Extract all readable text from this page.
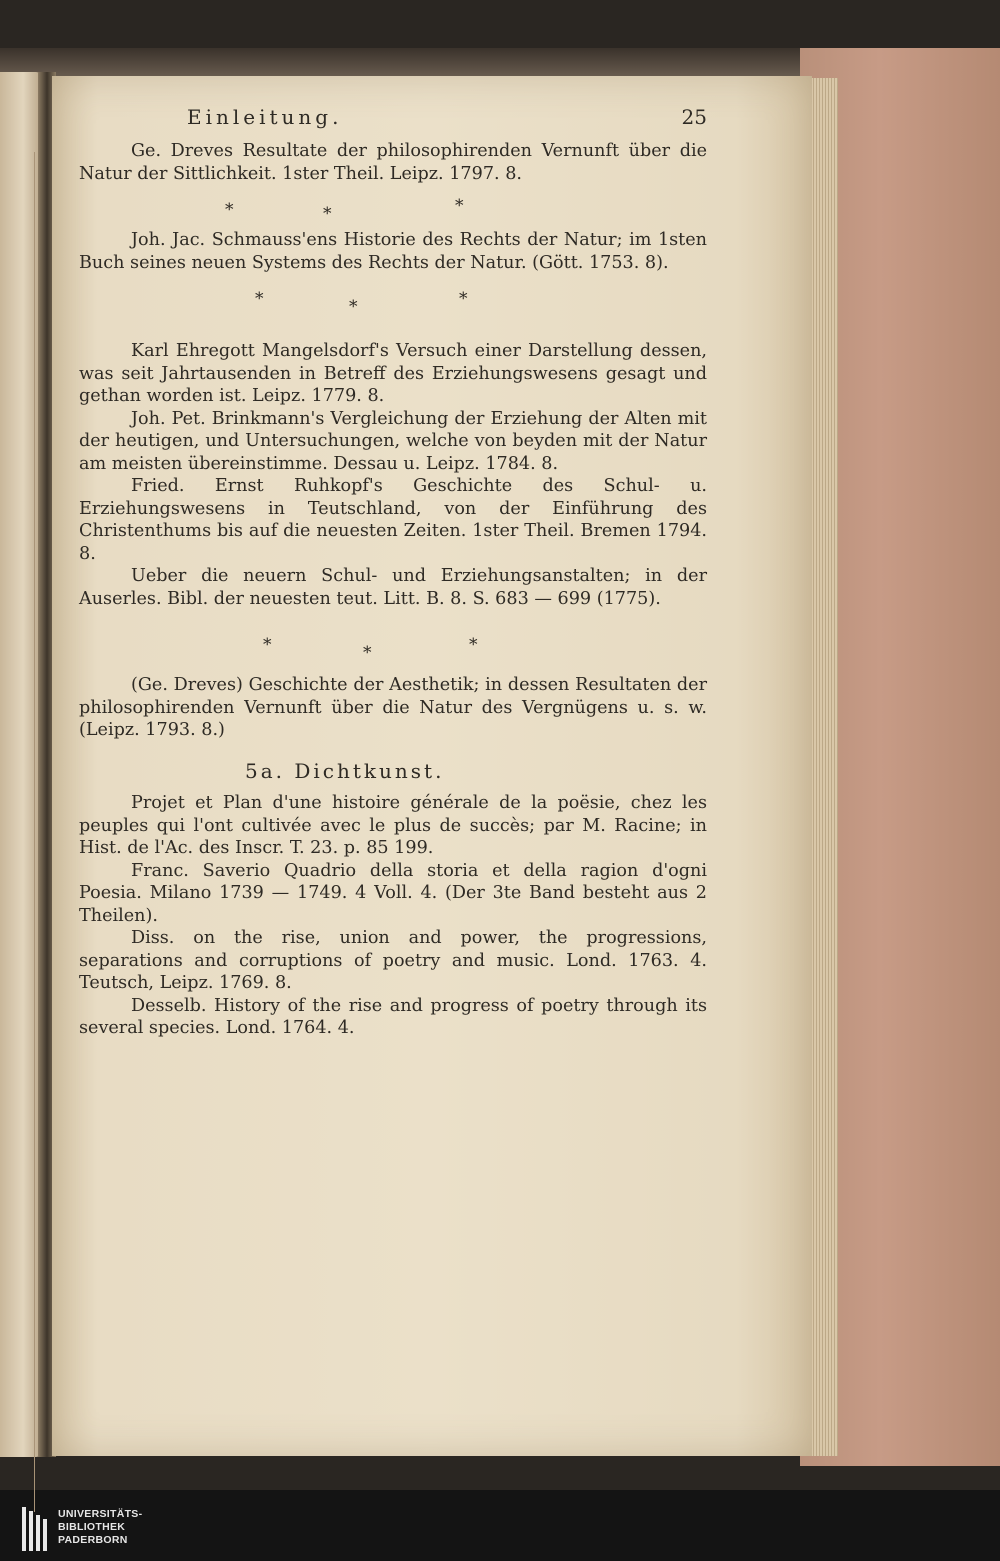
Einleitung.	25

Ge. Dreves Resultate der philosophirenden Vernunft über die Natur der Sittlichkeit. 1ster Theil. Leipz. 1797. 8.

*	*	*

Joh. Jac. Schmauss'ens Historie des Rechts der Natur; im 1sten Buch seines neuen Systems des Rechts der Natur. (Gött. 1753. 8).

*	*	*

Karl Ehregott Mangelsdorf's Versuch einer Darstellung dessen, was seit Jahrtausenden in Betreff des Erziehungswesens gesagt und gethan worden ist. Leipz. 1779. 8.

Joh. Pet. Brinkmann's Vergleichung der Erziehung der Alten mit der heutigen, und Untersuchungen, welche von beyden mit der Natur am meisten übereinstimme. Dessau u. Leipz. 1784. 8.

Fried. Ernst Ruhkopf's Geschichte des Schul- u. Erziehungswesens in Teutschland, von der Einführung des Christenthums bis auf die neuesten Zeiten. 1ster Theil. Bremen 1794. 8.

Ueber die neuern Schul- und Erziehungsanstalten; in der Auserles. Bibl. der neuesten teut. Litt. B. 8. S. 683 — 699 (1775).

*	*	*

(Ge. Dreves) Geschichte der Aesthetik; in dessen Resultaten der philosophirenden Vernunft über die Natur des Vergnügens u. s. w. (Leipz. 1793. 8.)

5a. Dichtkunst.

Projet et Plan d'une histoire générale de la poësie, chez les peuples qui l'ont cultivée avec le plus de succès; par M. Racine; in Hist. de l'Ac. des Inscr. T. 23. p. 85 199.

Franc. Saverio Quadrio della storia et della ragion d'ogni Poesia. Milano 1739 — 1749. 4 Voll. 4. (Der 3te Band besteht aus 2 Theilen).

Diss. on the rise, union and power, the progressions, separations and corruptions of poetry and music. Lond. 1763. 4. Teutsch, Leipz. 1769. 8.

Desselb. History of the rise and progress of poetry through its several species. Lond. 1764. 4.

UNIVERSITÄTS-
BIBLIOTHEK
PADERBORN
